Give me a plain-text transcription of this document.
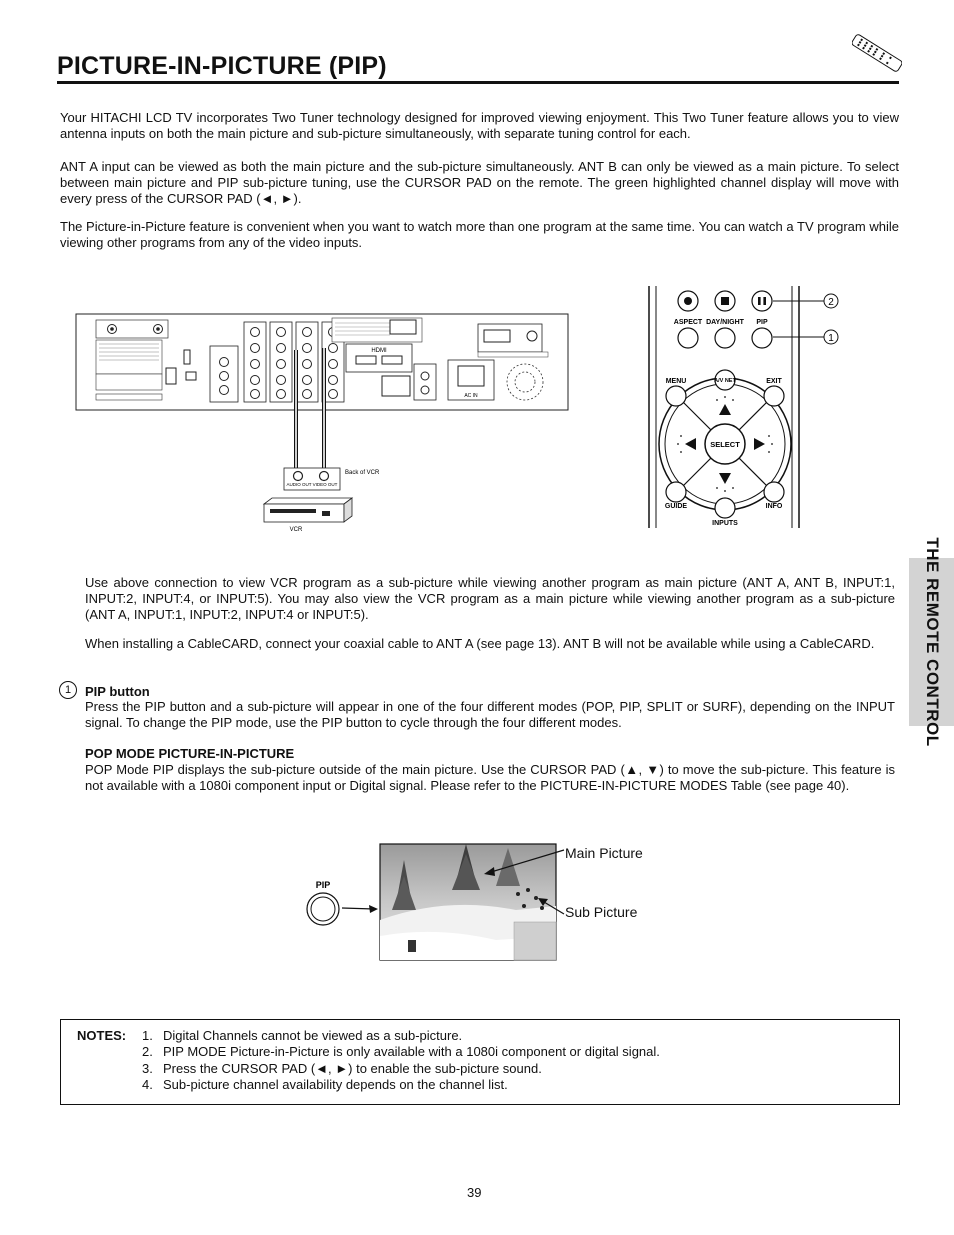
PICTURE-IN-PICTURE (PIP)

Your HITACHI LCD TV incorporates Two Tuner technology designed for improved viewing enjoyment. This Two Tuner feature allows you to view antenna inputs on both the main picture and sub-picture simultaneously, with separate tuning control for each.

ANT A input can be viewed as both the main picture and the sub-picture simultaneously. ANT B can only be viewed as a main picture. To select between main picture and PIP sub-picture tuning, use the CURSOR PAD on the remote. The green highlighted channel display will move with every press of the CURSOR PAD (◄, ►).

The Picture-in-Picture feature is convenient when you want to watch more than one program at the same time. You can watch a TV program while viewing other programs from any of the video inputs.

HDMI
AC IN
AUDIO OUT VIDEO OUT
Back of VCR
VCR
ASPECT DAY/NIGHT PIP
MENU	EXIT
SELECT
A/V NET
GUIDE	INFO
INPUTS
2
1
THE REMOTE CONTROL

Use above connection to view VCR program as a sub-picture while viewing another program as main picture (ANT A, ANT B, INPUT:1, INPUT:2, INPUT:4, or INPUT:5). You may also view the VCR program as a main picture while viewing another program as a sub-picture (ANT A, INPUT:1, INPUT:2, INPUT:4 or INPUT:5).

When installing a CableCARD, connect your coaxial cable to ANT A (see page 13). ANT B will not be available while using a CableCARD.

1	PIP button

Press the PIP button and a sub-picture will appear in one of the four different modes (POP, PIP, SPLIT or SURF), depending on the INPUT signal. To change the PIP mode, use the PIP button to cycle through the four different modes.

POP MODE PICTURE-IN-PICTURE

POP Mode PIP displays the sub-picture outside of the main picture. Use the CURSOR PAD (▲, ▼) to move the sub-picture. This feature is not available with a 1080i component input or Digital signal. Please refer to the PICTURE-IN-PICTURE MODES Table (see page 40).

PIP
Main Picture
Sub Picture
NOTES: 1. Digital Channels cannot be viewed as a sub-picture.
2. PIP MODE Picture-in-Picture is only available with a 1080i component or digital signal.
3. Press the CURSOR PAD (◄, ►) to enable the sub-picture sound.
4. Sub-picture channel availability depends on the channel list.
39
